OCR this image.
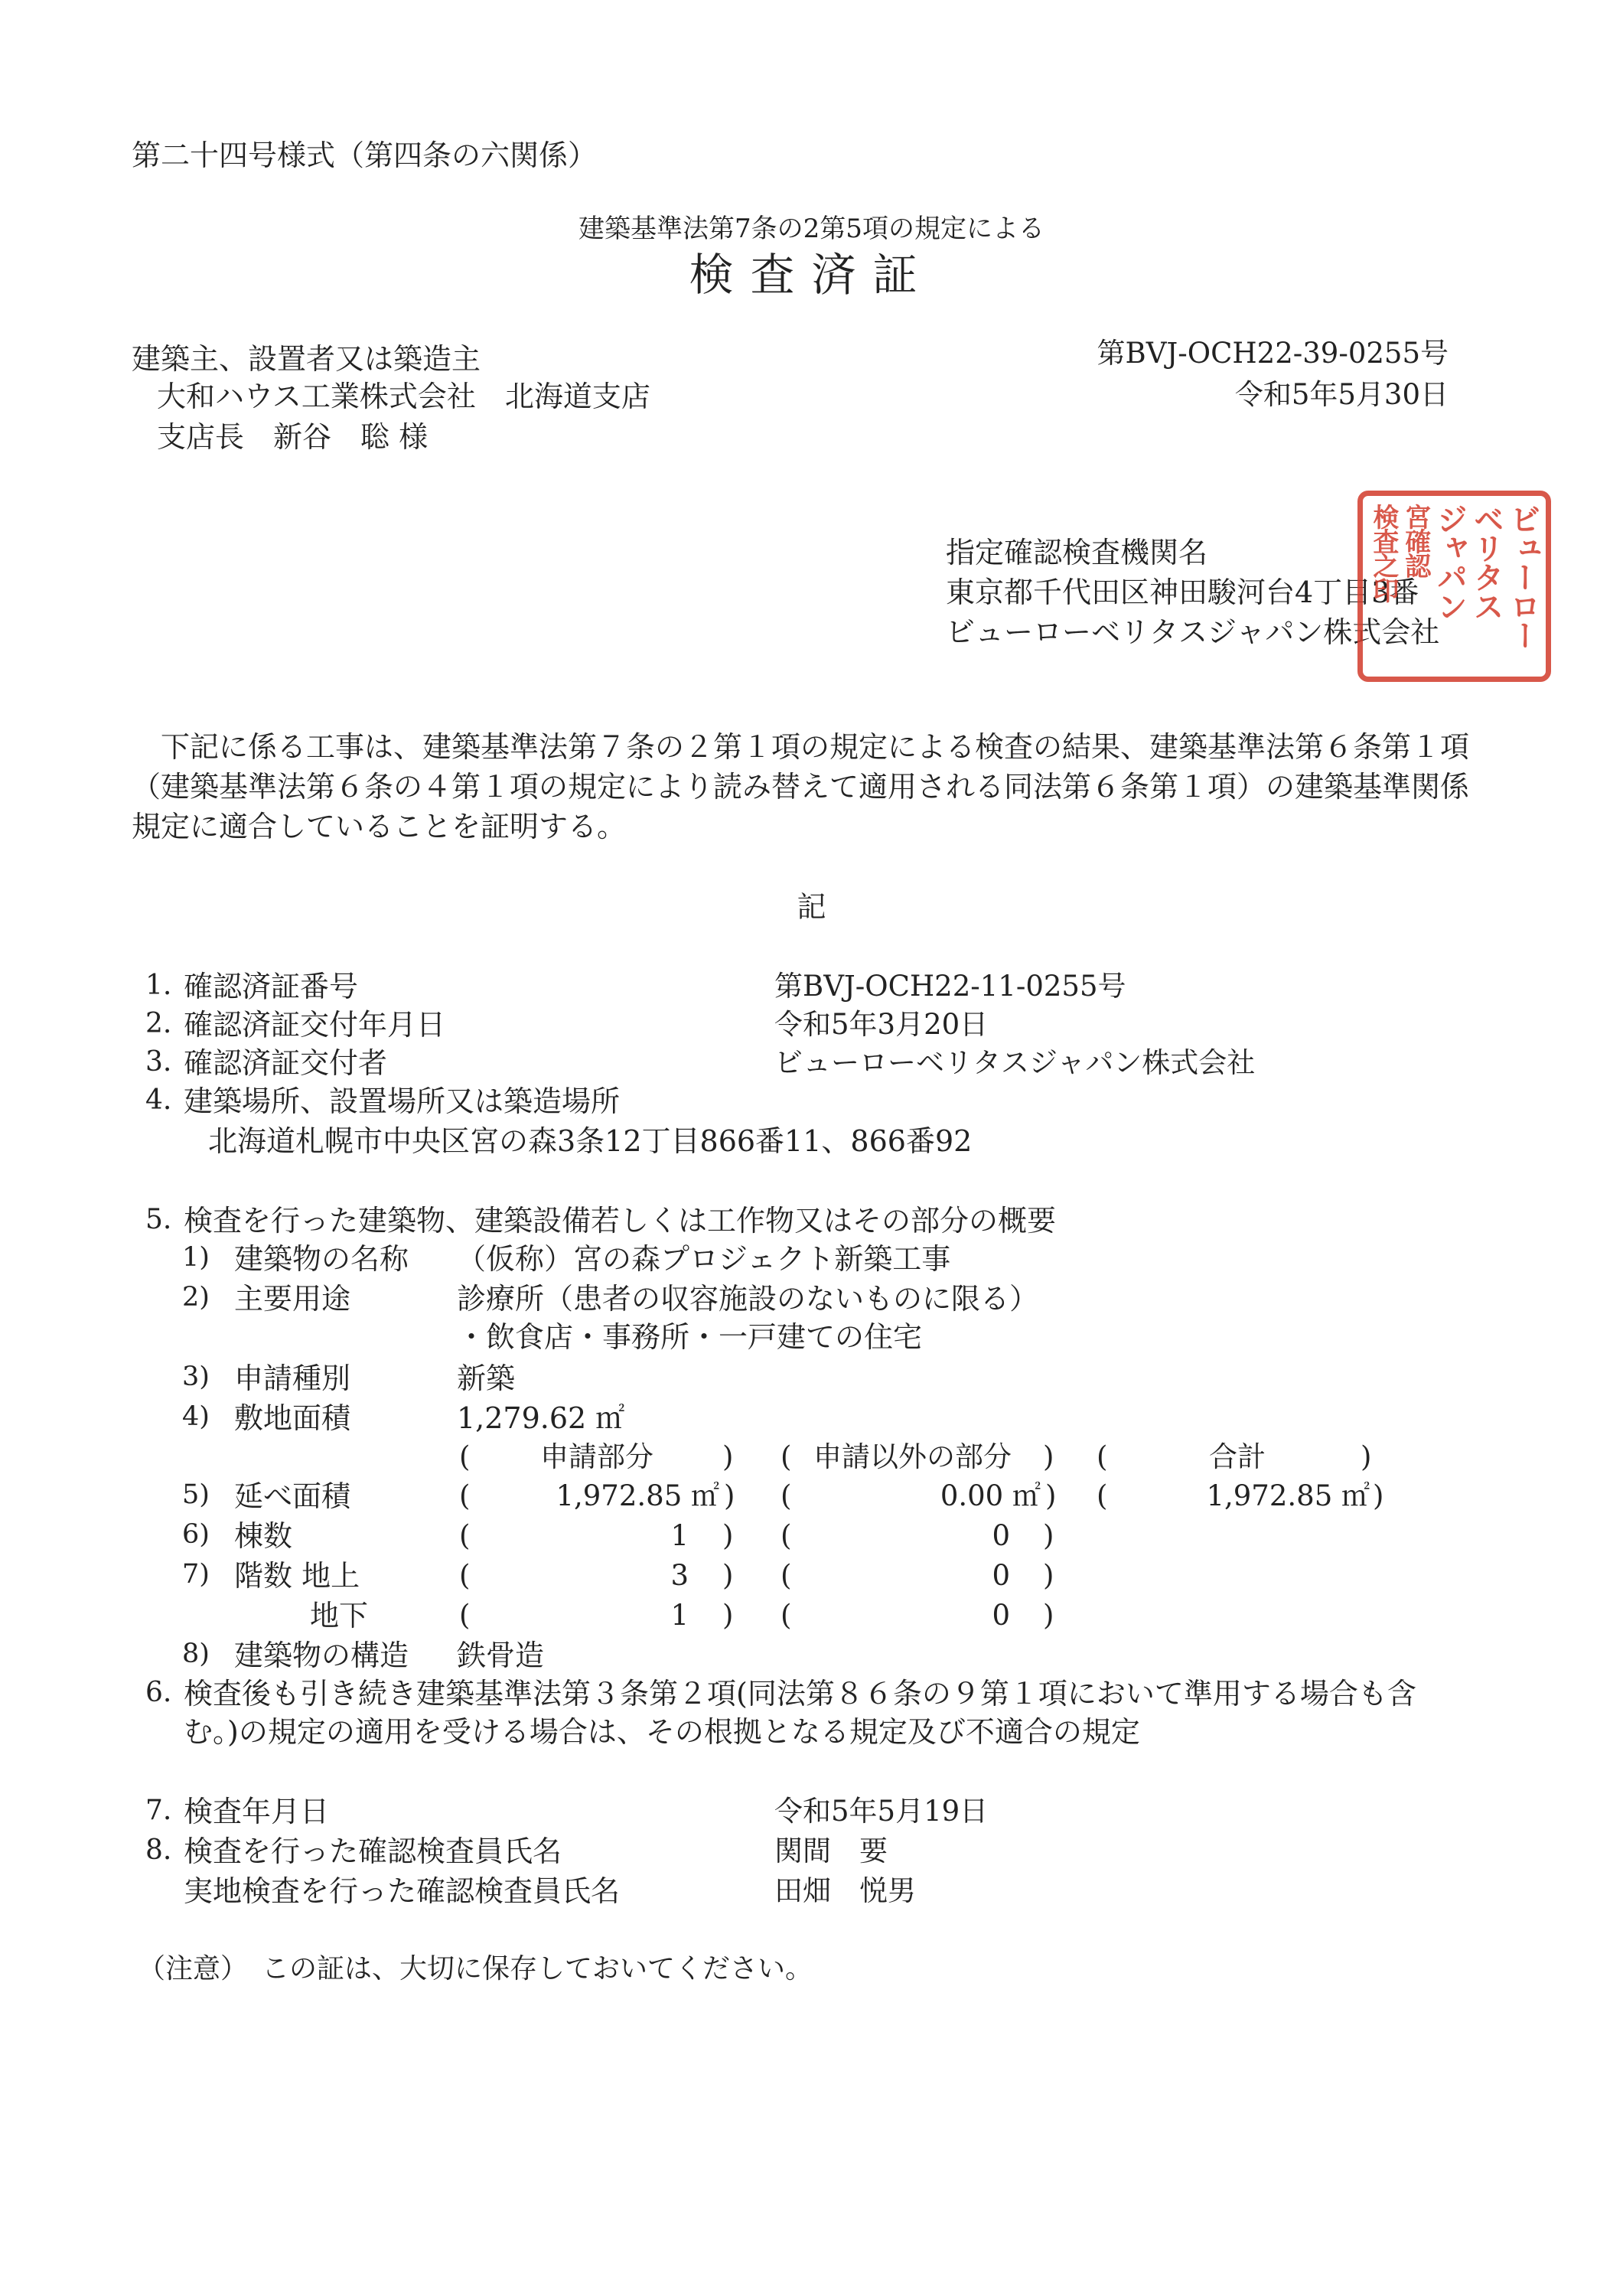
第二十四号様式（第四条の六関係）
建築基準法第7条の2第5項の規定による
検査済証
建築主、設置者又は築造主
大和ハウス工業株式会社　北海道支店
支店長　新谷　聡 様
第BVJ-OCH22-39-0255号
令和5年5月30日
指定確認検査機関名
東京都千代田区神田駿河台4丁目3番
ビューローベリタスジャパン株式会社 ビューロー
ベリタス
ジャパン
宮確認
検査之印
下記に係る工事は、建築基準法第７条の２第１項の規定による検査の結果、建築基準法第６条第１項（建築基準法第６条の４第１項の規定により読み替えて適用される同法第６条第１項）の建築基準関係規定に適合していることを証明する。
記
1. 確認済証番号	第BVJ-OCH22-11-0255号
2. 確認済証交付年月日	令和5年3月20日
3. 確認済証交付者	ビューローベリタスジャパン株式会社
4. 建築場所、設置場所又は築造場所
北海道札幌市中央区宮の森3条12丁目866番11、866番92
5. 検査を行った建築物、建築設備若しくは工作物又はその部分の概要
1) 建築物の名称 （仮称）宮の森プロジェクト新築工事
2) 主要用途	診療所（患者の収容施設のないものに限る）
・飲食店・事務所・一戸建ての住宅
3) 申請種別	新築
4) 敷地面積	1,279.62 ㎡
( 申請部分 ) ( 申請以外の部分 ) (	合計	)
5) 延べ面積	(	1,972.85 ㎡ ) (	0.00 ㎡ ) (	1,972.85 ㎡ )
6) 棟数	(	1 ) (	0 )
7) 階数 地上	(	3 ) (	0 )
地下	(	1 ) (	0 )
8) 建築物の構造 鉄骨造
6. 検査後も引き続き建築基準法第３条第２項(同法第８６条の９第１項において準用する場合も含
む。)の規定の適用を受ける場合は、その根拠となる規定及び不適合の規定
7. 検査年月日	令和5年5月19日
8. 検査を行った確認検査員氏名	関間　要
実地検査を行った確認検査員氏名	田畑　悦男
（注意）　この証は、大切に保存しておいてください。
